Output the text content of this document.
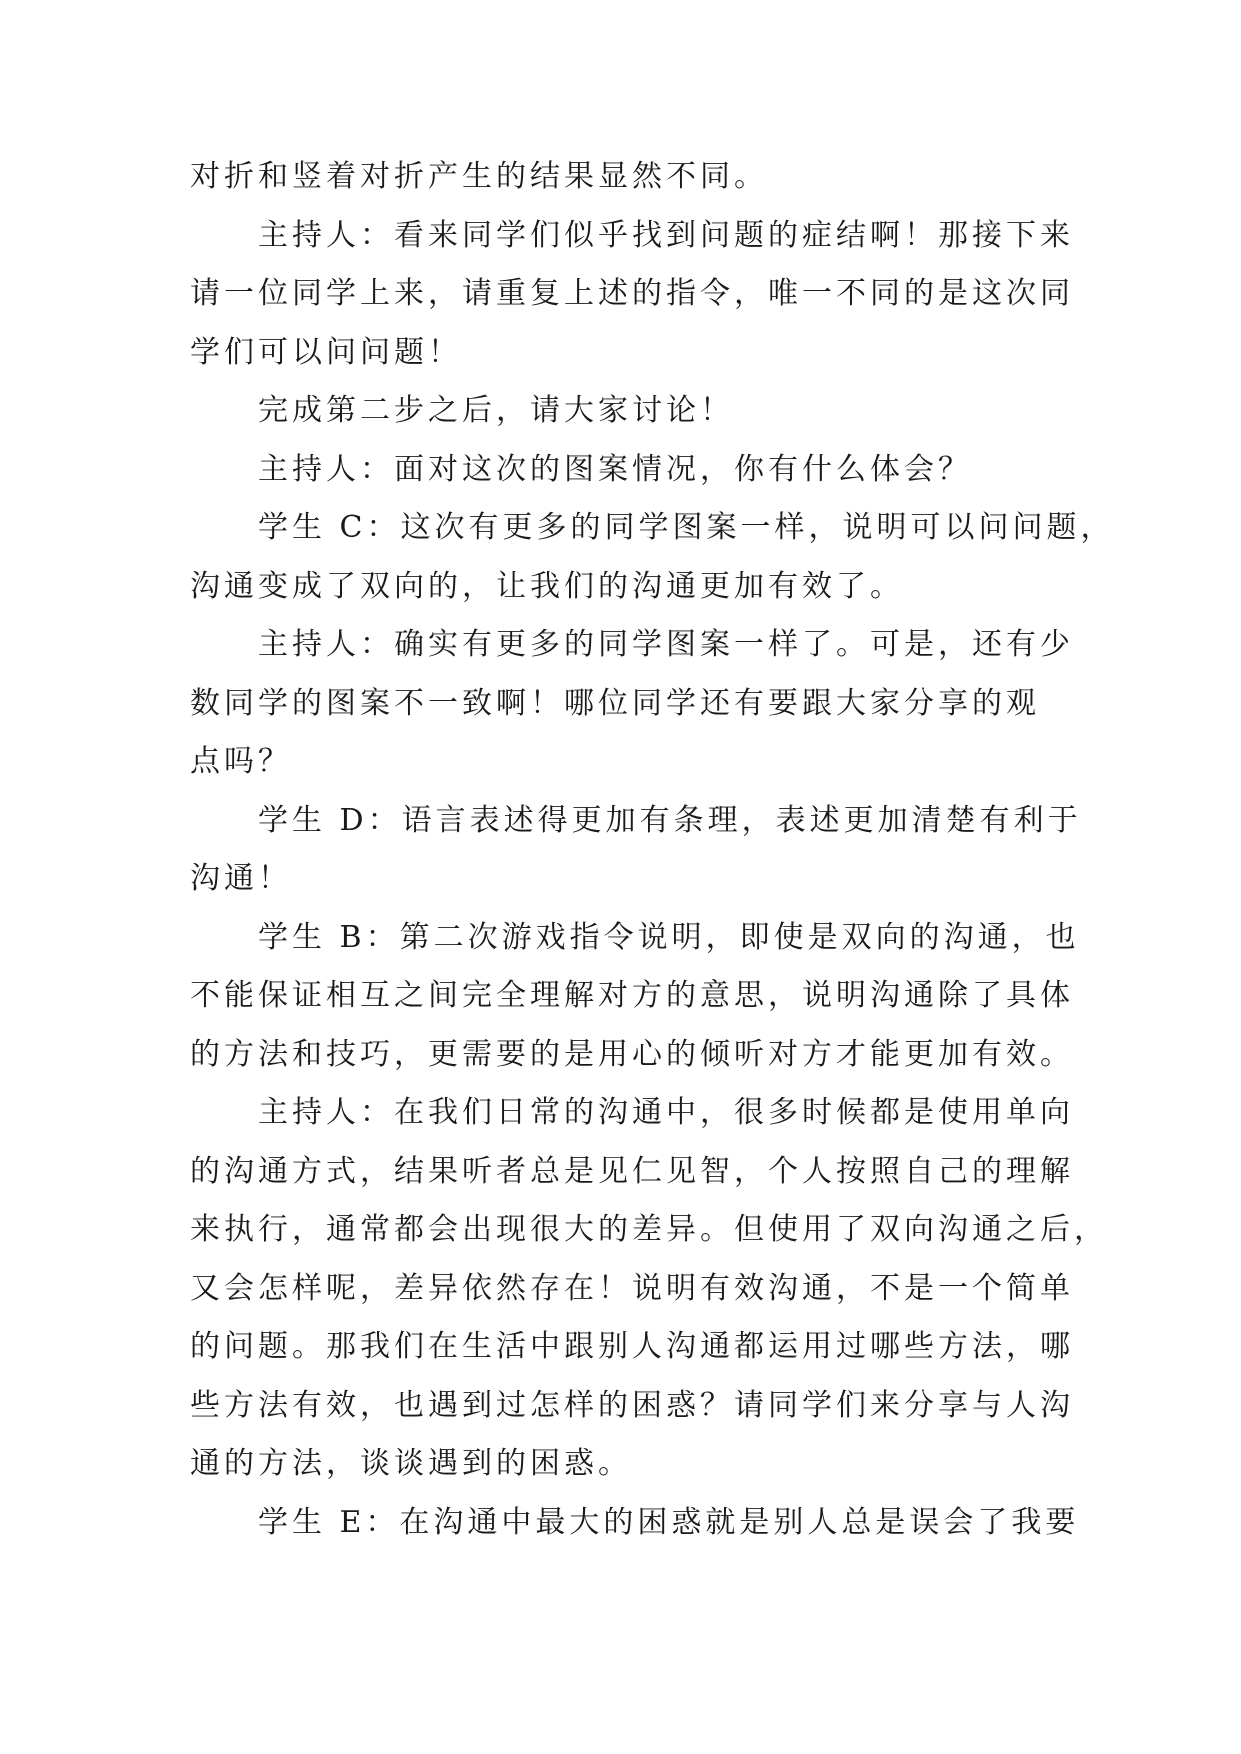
对折和竖着对折产生的结果显然不同。
主持人：看来同学们似乎找到问题的症结啊！那接下来
请一位同学上来，请重复上述的指令，唯一不同的是这次同
学们可以问问题！
完成第二步之后，请大家讨论！
主持人：面对这次的图案情况，你有什么体会？
学生 C：这次有更多的同学图案一样，说明可以问问题，
沟通变成了双向的，让我们的沟通更加有效了。
主持人：确实有更多的同学图案一样了。可是，还有少
数同学的图案不一致啊！哪位同学还有要跟大家分享的观
点吗？
学生 D：语言表述得更加有条理，表述更加清楚有利于
沟通！
学生 B：第二次游戏指令说明，即使是双向的沟通，也
不能保证相互之间完全理解对方的意思，说明沟通除了具体
的方法和技巧，更需要的是用心的倾听对方才能更加有效。
主持人：在我们日常的沟通中，很多时候都是使用单向
的沟通方式，结果听者总是见仁见智，个人按照自己的理解
来执行，通常都会出现很大的差异。但使用了双向沟通之后，
又会怎样呢，差异依然存在！说明有效沟通，不是一个简单
的问题。那我们在生活中跟别人沟通都运用过哪些方法，哪
些方法有效，也遇到过怎样的困惑？请同学们来分享与人沟
通的方法，谈谈遇到的困惑。
学生 E：在沟通中最大的困惑就是别人总是误会了我要
